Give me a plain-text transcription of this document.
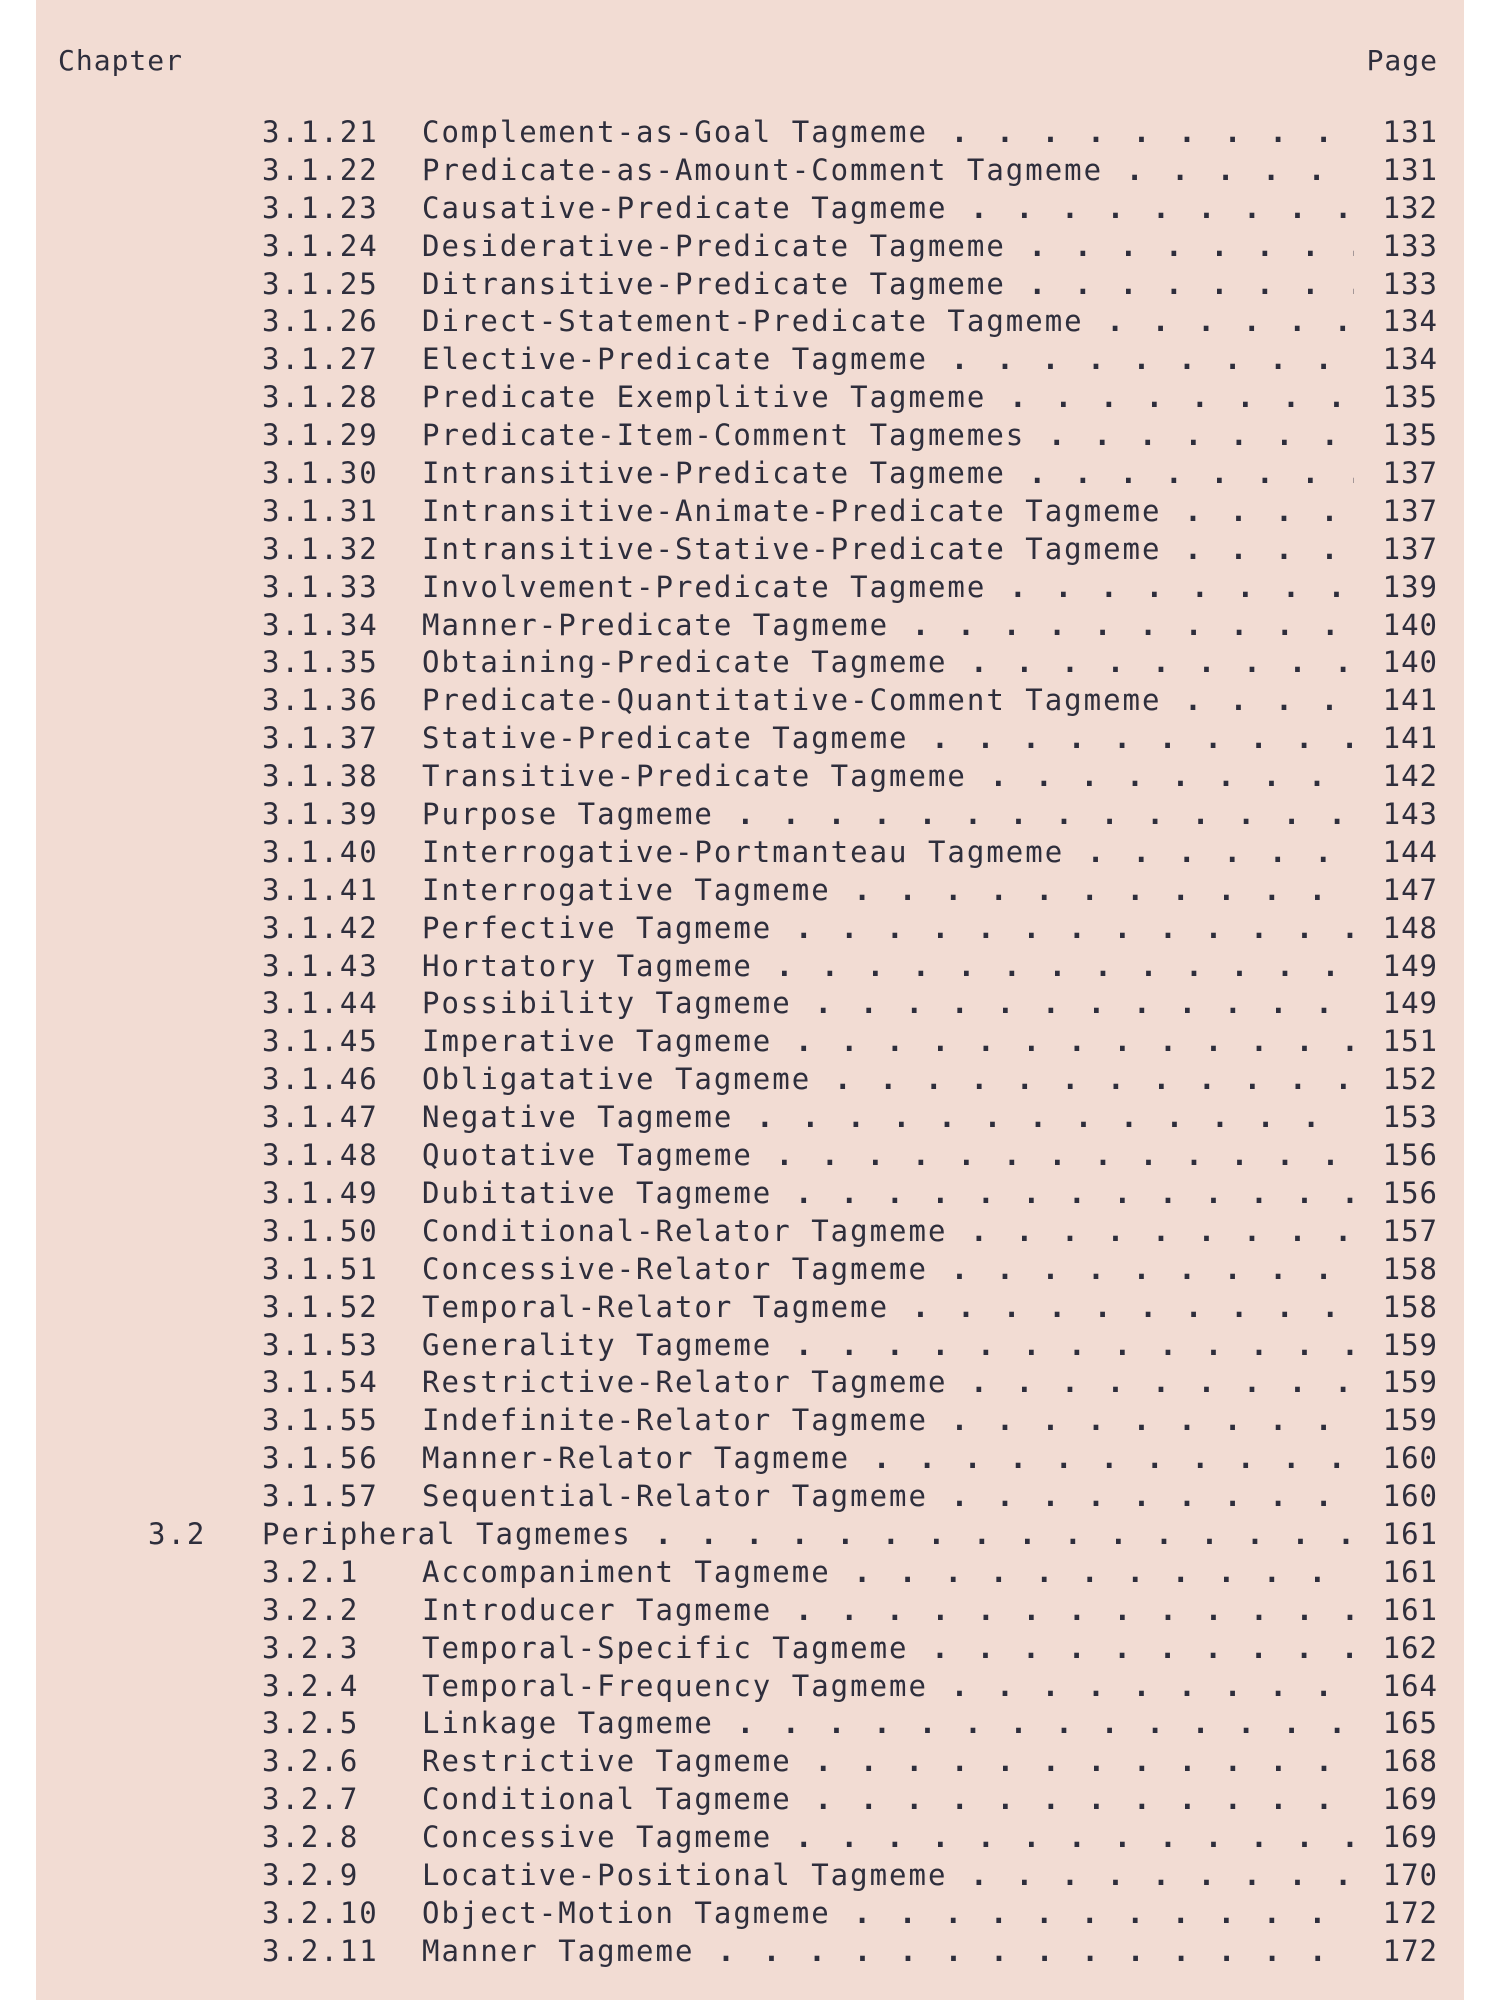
Chapter	Page
3.1.21 Complement-as-Goal Tagmeme . . .	131
3.1.22 Predicate-as-Amount-Comment Tagmeme . . .	131
3.1.23 Causative-Predicate Tagmeme . . .	132
3.1.24 Desiderative-Predicate Tagmeme . . .	133
3.1.25 Ditransitive-Predicate Tagmeme . . .	133
3.1.26 Direct-Statement-Predicate Tagmeme . . .	134
3.1.27 Elective-Predicate Tagmeme . . .	134
3.1.28 Predicate Exemplitive Tagmeme . . .	135
3.1.29 Predicate-Item-Comment Tagmemes . . .	135
3.1.30 Intransitive-Predicate Tagmeme . . .	137
3.1.31 Intransitive-Animate-Predicate Tagmeme . . .	137
3.1.32 Intransitive-Stative-Predicate Tagmeme . . .	137
3.1.33 Involvement-Predicate Tagmeme . . .	139
3.1.34 Manner-Predicate Tagmeme . . .	140
3.1.35 Obtaining-Predicate Tagmeme . . .	140
3.1.36 Predicate-Quantitative-Comment Tagmeme . . .	141
3.1.37 Stative-Predicate Tagmeme . . .	141
3.1.38 Transitive-Predicate Tagmeme . . .	142
3.1.39 Purpose Tagmeme . . .	143
3.1.40 Interrogative-Portmanteau Tagmeme . . .	144
3.1.41 Interrogative Tagmeme . . .	147
3.1.42 Perfective Tagmeme . . .	148
3.1.43 Hortatory Tagmeme . . .	149
3.1.44 Possibility Tagmeme . . .	149
3.1.45 Imperative Tagmeme . . .	151
3.1.46 Obligatative Tagmeme . . .	152
3.1.47 Negative Tagmeme . . .	153
3.1.48 Quotative Tagmeme . . .	156
3.1.49 Dubitative Tagmeme . . .	156
3.1.50 Conditional-Relator Tagmeme . . .	157
3.1.51 Concessive-Relator Tagmeme . . .	158
3.1.52 Temporal-Relator Tagmeme . . .	158
3.1.53 Generality Tagmeme . . .	159
3.1.54 Restrictive-Relator Tagmeme . . .	159
3.1.55 Indefinite-Relator Tagmeme . . .	159
3.1.56 Manner-Relator Tagmeme . . .	160
3.1.57 Sequential-Relator Tagmeme . . .	160
3.2 Peripheral Tagmemes . . .	161
3.2.1 Accompaniment Tagmeme . . .	161
3.2.2 Introducer Tagmeme . . .	161
3.2.3 Temporal-Specific Tagmeme . . .	162
3.2.4 Temporal-Frequency Tagmeme . . .	164
3.2.5 Linkage Tagmeme . . .	165
3.2.6 Restrictive Tagmeme . . .	168
3.2.7 Conditional Tagmeme . . .	169
3.2.8 Concessive Tagmeme . . .	169
3.2.9 Locative-Positional Tagmeme . . .	170
3.2.10 Object-Motion Tagmeme . . .	172
3.2.11 Manner Tagmeme . . .	172
